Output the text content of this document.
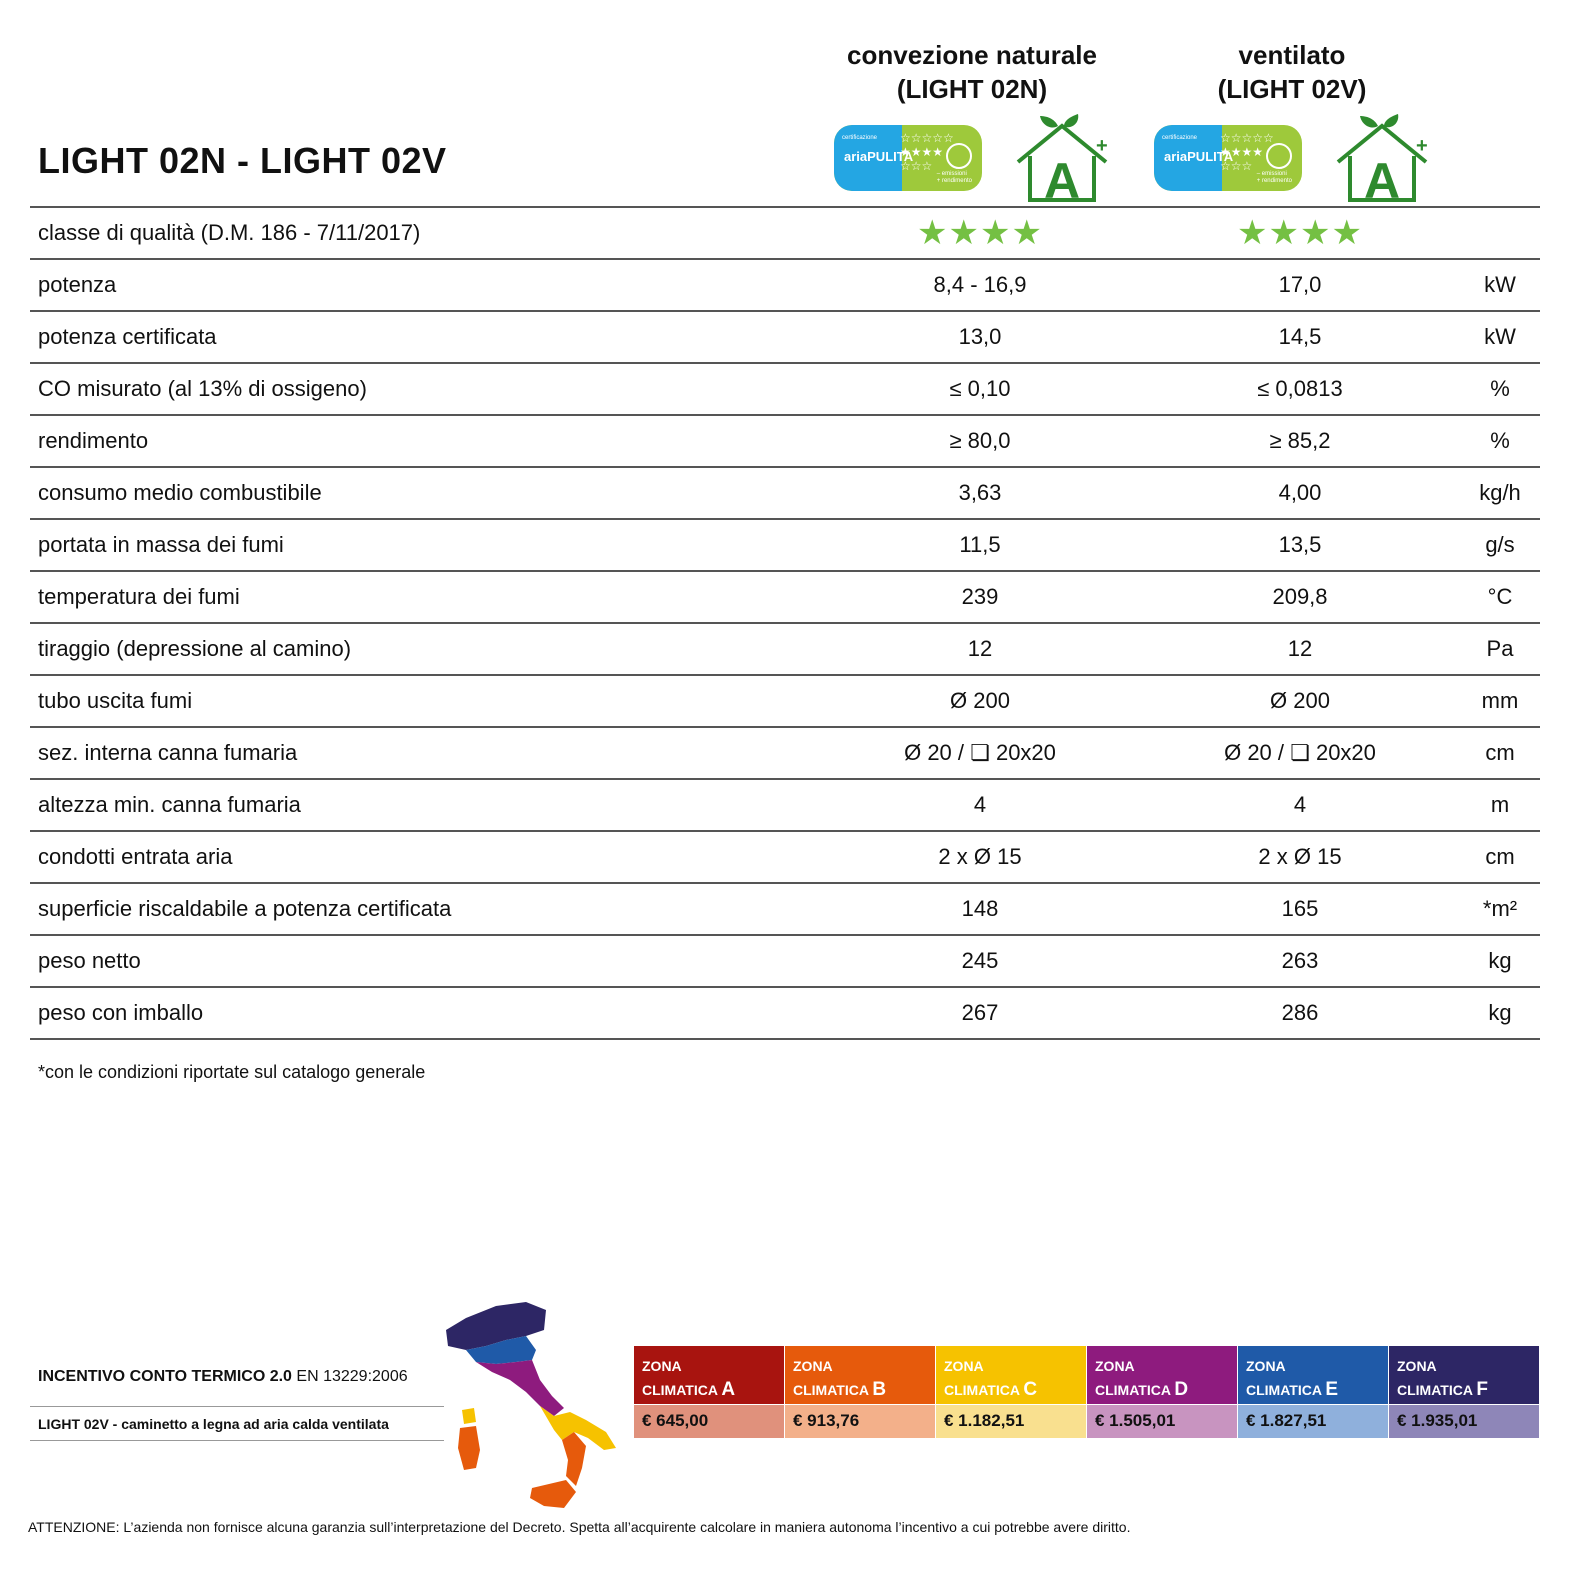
convezione naturale
(LIGHT 02N)
ventilato
(LIGHT 02V)
LIGHT 02N - LIGHT 02V
certificazione
ariaPULITA
☆☆☆☆☆
★★★★
☆☆☆
– emissioni
+ rendimento A
+	certificazione
ariaPULITA
☆☆☆☆☆
★★★★
☆☆☆
– emissioni
+ rendimento A
+
classe di qualità (D.M. 186 - 7/11/2017)	★★★★	★★★★	
potenza	8,4 - 16,9	17,0	kW
potenza certificata	13,0	14,5	kW
CO misurato (al 13% di ossigeno)	≤ 0,10	≤ 0,0813	%
rendimento	≥ 80,0	≥ 85,2	%
consumo medio combustibile	3,63	4,00	kg/h
portata in massa dei fumi	11,5	13,5	g/s
temperatura dei fumi	239	209,8	°C
tiraggio (depressione al camino)	12	12	Pa
tubo uscita fumi	Ø 200	Ø 200	mm
sez. interna canna fumaria	Ø 20 / ❏ 20x20	Ø 20 / ❏ 20x20	cm
altezza min. canna fumaria	4	4	m
condotti entrata aria	2 x Ø 15	2 x Ø 15	cm
superficie riscaldabile a potenza certificata	148	165	*m²
peso netto	245	263	kg
peso con imballo	267	286	kg
*con le condizioni riportate sul catalogo generale
INCENTIVO CONTO TERMICO 2.0 EN 13229:2006
LIGHT 02V - caminetto a legna ad aria calda ventilata
ZONA
CLIMATICA A
€ 645,00
ZONA
CLIMATICA B
€ 913,76
ZONA
CLIMATICA C
€ 1.182,51
ZONA
CLIMATICA D
€ 1.505,01
ZONA
CLIMATICA E
€ 1.827,51
ZONA
CLIMATICA F
€ 1.935,01
ATTENZIONE: L’azienda non fornisce alcuna garanzia sull’interpretazione del Decreto. Spetta all’acquirente calcolare in maniera autonoma l’incentivo a cui potrebbe avere diritto.
